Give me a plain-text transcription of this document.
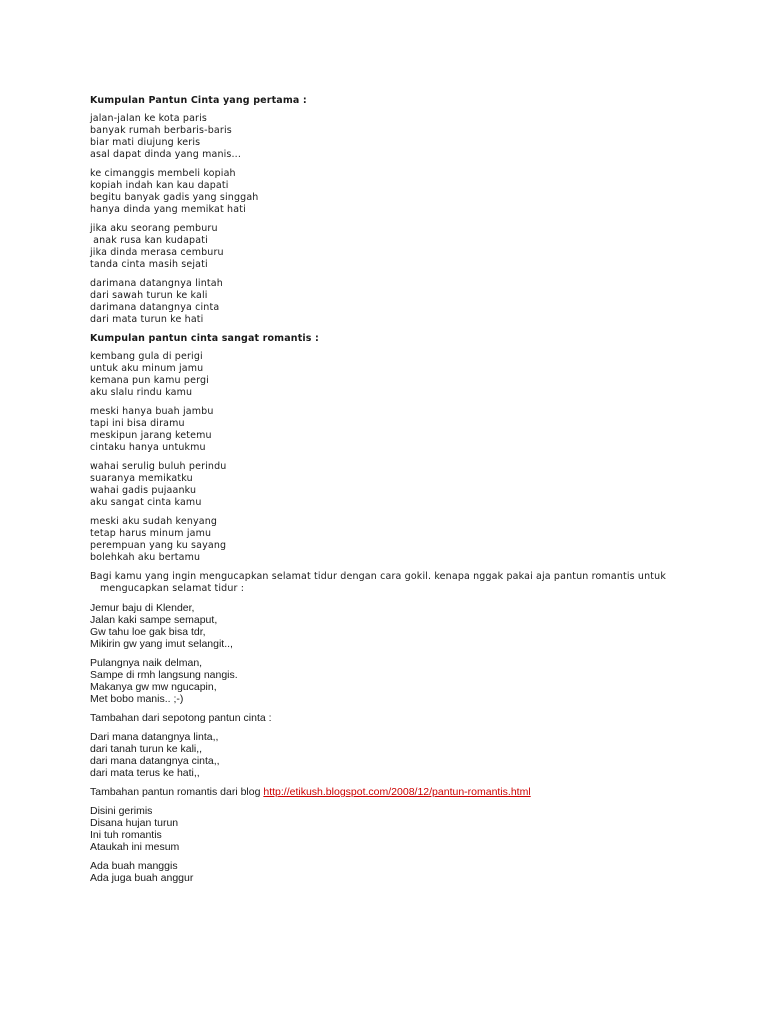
Kumpulan Pantun Cinta yang pertama :
jalan-jalan ke kota paris
banyak rumah berbaris-baris
biar mati diujung keris
asal dapat dinda yang manis...
ke cimanggis membeli kopiah
kopiah indah kan kau dapati
begitu banyak gadis yang singgah
hanya dinda yang memikat hati
jika aku seorang pemburu
anak rusa kan kudapati
jika dinda merasa cemburu
tanda cinta masih sejati
darimana datangnya lintah
dari sawah turun ke kali
darimana datangnya cinta
dari mata turun ke hati
Kumpulan pantun cinta sangat romantis :
kembang gula di perigi
untuk aku minum jamu
kemana pun kamu pergi
aku slalu rindu kamu
meski hanya buah jambu
tapi ini bisa diramu
meskipun jarang ketemu
cintaku hanya untukmu
wahai serulig buluh perindu
suaranya memikatku
wahai gadis pujaanku
aku sangat cinta kamu
meski aku sudah kenyang
tetap harus minum jamu
perempuan yang ku sayang
bolehkah aku bertamu
Bagi kamu yang ingin mengucapkan selamat tidur dengan cara gokil. kenapa nggak pakai aja pantun romantis untuk
mengucapkan selamat tidur :
Jemur baju di Klender,
Jalan kaki sampe semaput,
Gw tahu loe gak bisa tdr,
Mikirin gw yang imut selangit..,
Pulangnya naik delman,
Sampe di rmh langsung nangis.
Makanya gw mw ngucapin,
Met bobo manis.. ;-)
Tambahan dari sepotong pantun cinta :
Dari mana datangnya linta,,
dari tanah turun ke kali,,
dari mana datangnya cinta,,
dari mata terus ke hati,,
Tambahan pantun romantis dari blog http://etikush.blogspot.com/2008/12/pantun-romantis.html
Disini gerimis
Disana hujan turun
Ini tuh romantis
Ataukah ini mesum
Ada buah manggis
Ada juga buah anggur
